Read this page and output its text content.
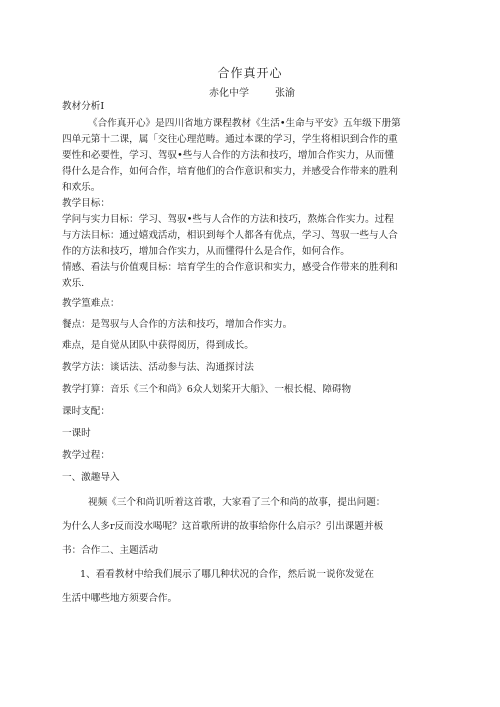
合作真开心
赤化中学	张渝
教材分析I
《合作真开心》是四川省地方课程教材《生活•生命与平安》五年级下册第
四单元第十二课，属「交往心理范畴。通过本课的学习，学生将相识到合作的重
要性和必要性，学习、驾驭•些与人合作的方法和技巧，增加合作实力，从而懂
得什么是合作，如何合作，培育他们的合作意识和实力，并感受合作带来的胜利
和欢乐。
教学目标：
学问与实力目标：学习、驾驭•些与人合作的方法和技巧，熬炼合作实力。过程
与方法目标：通过嬉戏活动，相识到每个人都各有优点，学习、驾驭一些与人合
作的方法和技巧，增加合作实力，从而懂得什么是合作，如何合作。
情感、看法与价值观目标：培育学生的合作意识和实力，感受合作带来的胜利和
欢乐.
教学篁难点：
餐点：是驾驭与人合作的方法和技巧，增加合作实力。
难点，是自觉从团队中获得阅历，得到成长。
教学方法：谈话法、活动参与法、沟通探讨法
教学打算：音乐《三个和尚》6众人划桨开大船》、一根长棍、障碍物
课时支配：
一课时
教学过程：
一、激趣导入
视频《三个和尚讥听着这首歌，大家看了三个和尚的故事，提出问题：
为什么人多r反而没水喝呢？这首歌所讲的故事给你什么启示？引出课题并板
书：合作二、主题活动
1、看看教材中给我们展示了哪几种状况的合作，然后说一说你发觉在
生活中哪些地方须要合作。
